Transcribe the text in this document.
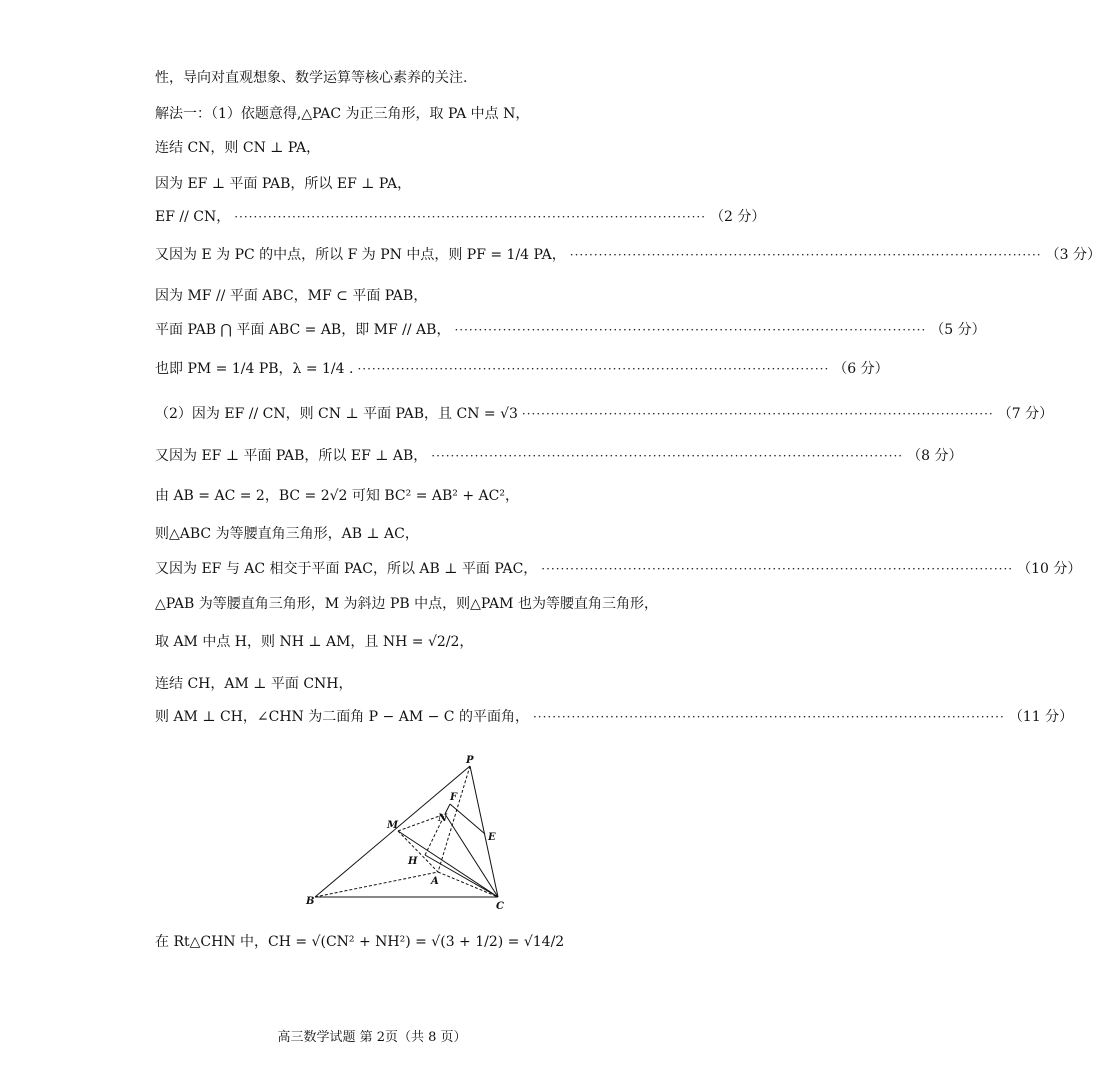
性，导向对直观想象、数学运算等核心素养的关注.
解法一：（1）依题意得,△PAC 为正三角形，取 PA 中点 N，
连结 CN，则 CN ⊥ PA，
因为 EF ⊥ 平面 PAB，所以 EF ⊥ PA，
EF // CN， ·································································································· （2 分）
又因为 E 为 PC 的中点，所以 F 为 PN 中点，则 PF = 1/4 PA， ·································································································· （3 分）
因为 MF // 平面 ABC，MF ⊂ 平面 PAB，
平面 PAB ⋂ 平面 ABC = AB，即 MF // AB， ·································································································· （5 分）
也即 PM = 1/4 PB，λ = 1/4 . ·································································································· （6 分）
（2）因为 EF // CN，则 CN ⊥ 平面 PAB，且 CN = √3 ·································································································· （7 分）
又因为 EF ⊥ 平面 PAB，所以 EF ⊥ AB， ·································································································· （8 分）
由 AB = AC = 2，BC = 2√2 可知 BC² = AB² + AC²，
则△ABC 为等腰直角三角形，AB ⊥ AC，
又因为 EF 与 AC 相交于平面 PAC，所以 AB ⊥ 平面 PAC， ·································································································· （10 分）
△PAB 为等腰直角三角形，M 为斜边 PB 中点，则△PAM 也为等腰直角三角形，
取 AM 中点 H，则 NH ⊥ AM，且 NH = √2/2，
连结 CH，AM ⊥ 平面 CNH，
则 AM ⊥ CH，∠CHN 为二面角 P − AM − C 的平面角， ·································································································· （11 分）
P
F
M
N
E
H
A
B	C
在 Rt△CHN 中，CH = √(CN² + NH²) = √(3 + 1/2) = √14/2
高三数学试题 第 2页（共 8 页）
